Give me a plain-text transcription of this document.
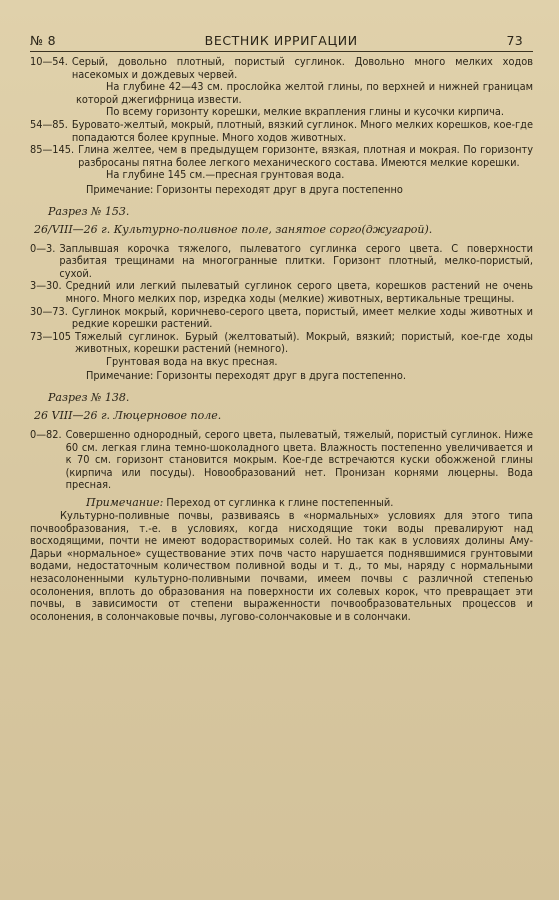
№ 8	ВЕСТНИК ИРРИГАЦИИ	73
10—54. Серый, довольно плотный, пористый суглинок. Довольно много мелких ходов насекомых и дождевых червей.
На глубине 42—43 см. прослойка желтой глины, по верхней и нижней границам которой джегифрница извести.
По всему горизонту корешки, мелкие вкрапления глины и кусочки кирпича.
54—85. Буровато-желтый, мокрый, плотный, вязкий суглинок. Много мелких корешков, кое-где попадаются более крупные. Много ходов животных.
85—145. Глина желтее, чем в предыдущем горизонте, вязкая, плотная и мокрая. По горизонту разбросаны пятна более легкого механического состава. Имеются мелкие корешки.
На глубине 145 см.—пресная грунтовая вода.
Примечание: Горизонты переходят друг в друга постепенно
Разрез № 153.
26/VIII—26 г. Культурно-поливное поле, занятое сорго(джугарой).
0—3. Заплывшая корочка тяжелого, пылеватого суглинка серого цвета. С поверхности разбитая трещинами на многогранные плитки. Горизонт плотный, мелко-пористый, сухой.
3—30. Средний или легкий пылеватый суглинок серого цвета, корешков растений не очень много. Много мелких пор, изредка ходы (мелкие) животных, вертикальные трещины.
30—73. Суглинок мокрый, коричнево-серого цвета, пористый, имеет мелкие ходы животных и редкие корешки растений.
73—105 Тяжелый суглинок. Бурый (желтоватый). Мокрый, вязкий; пористый, кое-где ходы животных, корешки растений (немного).
Грунтовая вода на вкус пресная.
Примечание: Горизонты переходят друг в друга постепенно.
Разрез № 138.
26 VIII—26 г. Люцерновое поле.
0—82. Совершенно однородный, серого цвета, пылеватый, тяжелый, пористый суглинок. Ниже 60 см. легкая глина темно-шоколадного цвета. Влажность постепенно увеличивается и к 70 см. горизонт становится мокрым. Кое-где встречаются куски обожженой глины (кирпича или посуды). Новообразований нет. Пронизан корнями люцерны. Вода пресная.
Примечание: Переход от суглинка к глине постепенный.
Культурно-поливные почвы, развиваясь в «нормальных» условиях для этого типа почвообразования, т.-е. в условиях, когда нисходящие токи воды превалируют над восходящими, почти не имеют водорастворимых солей. Но так как в условиях долины Аму-Дарьи «нормальное» существование этих почв часто нарушается поднявшимися грунтовыми водами, недостаточным количеством поливной воды и т. д., то мы, наряду с нормальными незасолоненными культурно-поливными почвами, имеем почвы с различной степенью осолонения, вплоть до образования на поверхности их солевых корок, что превращает эти почвы, в зависимости от степени выраженности почвообразовательных процессов и осолонения, в солончаковые почвы, лугово-солончаковые и в солончаки.
